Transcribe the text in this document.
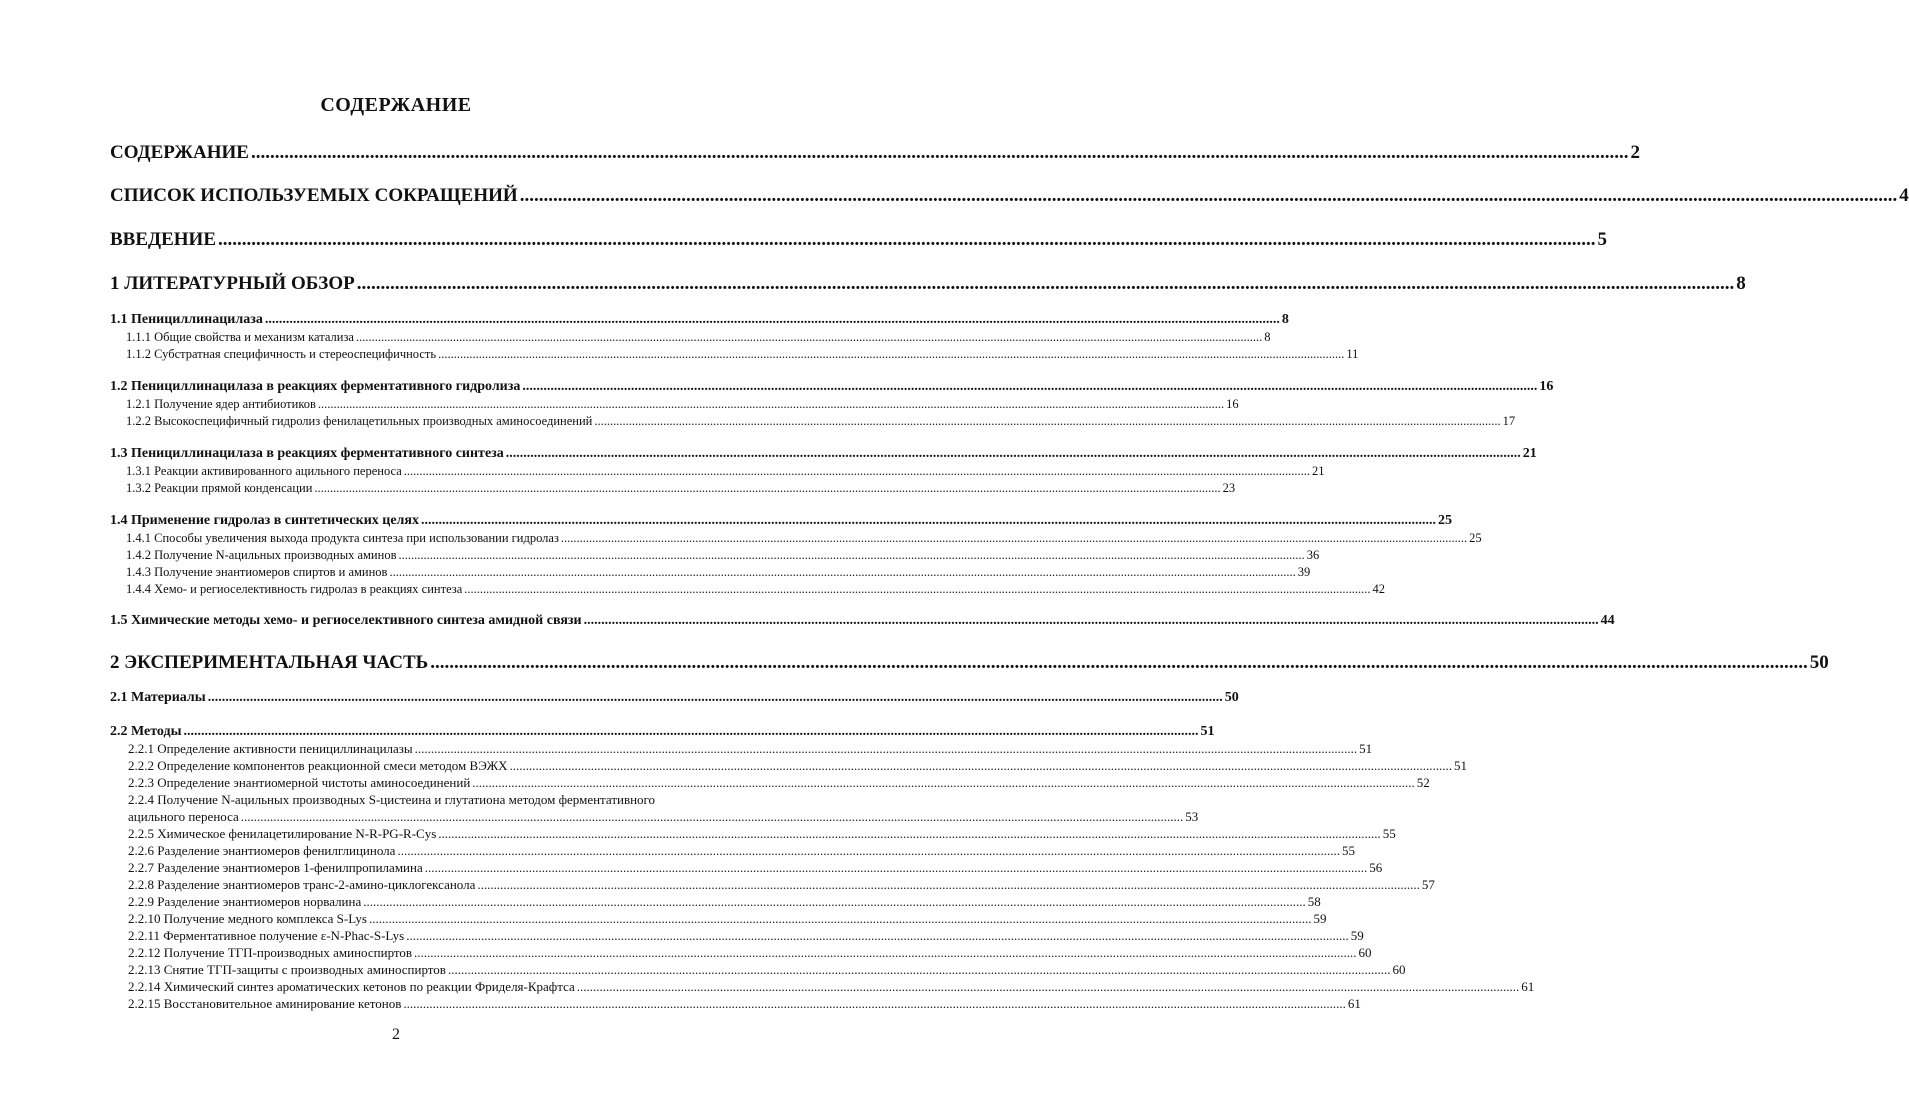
СОДЕРЖАНИЕ
СОДЕРЖАНИЕ .................................................................................................................................................................................................................................................................................................. 2
СПИСОК ИСПОЛЬЗУЕМЫХ СОКРАЩЕНИЙ .................................................................................................................................................................................................................................................................................................. 4
ВВЕДЕНИЕ .................................................................................................................................................................................................................................................................................................. 5
1 ЛИТЕРАТУРНЫЙ ОБЗОР .................................................................................................................................................................................................................................................................................................. 8
1.1 Пенициллинацилаза .................................................................................................................................................................................................................................................................................................. 8
1.1.1 Общие свойства и механизм катализа .................................................................................................................................................................................................................................................................................................. 8
1.1.2 Субстратная специфичность и стереоспецифичность .................................................................................................................................................................................................................................................................................................. 11
1.2 Пенициллинацилаза в реакциях ферментативного гидролиза .................................................................................................................................................................................................................................................................................................. 16
1.2.1 Получение ядер антибиотиков .................................................................................................................................................................................................................................................................................................. 16
1.2.2 Высокоспецифичный гидролиз фенилацетильных производных аминосоединений .................................................................................................................................................................................................................................................................................................. 17
1.3 Пенициллинацилаза в реакциях ферментативного синтеза .................................................................................................................................................................................................................................................................................................. 21
1.3.1 Реакции активированного ацильного переноса .................................................................................................................................................................................................................................................................................................. 21
1.3.2 Реакции прямой конденсации .................................................................................................................................................................................................................................................................................................. 23
1.4 Применение гидролаз в синтетических целях .................................................................................................................................................................................................................................................................................................. 25
1.4.1 Способы увеличения выхода продукта синтеза при использовании гидролаз .................................................................................................................................................................................................................................................................................................. 25
1.4.2 Получение N-ацильных производных аминов .................................................................................................................................................................................................................................................................................................. 36
1.4.3 Получение энантиомеров спиртов и аминов .................................................................................................................................................................................................................................................................................................. 39
1.4.4 Хемо- и региоселективность гидролаз в реакциях синтеза .................................................................................................................................................................................................................................................................................................. 42
1.5 Химические методы хемо- и региоселективного синтеза амидной связи .................................................................................................................................................................................................................................................................................................. 44
2 ЭКСПЕРИМЕНТАЛЬНАЯ ЧАСТЬ .................................................................................................................................................................................................................................................................................................. 50
2.1 Материалы .................................................................................................................................................................................................................................................................................................. 50
2.2 Методы .................................................................................................................................................................................................................................................................................................. 51
2.2.1 Определение активности пенициллинацилазы .................................................................................................................................................................................................................................................................................................. 51
2.2.2 Определение компонентов реакционной смеси методом ВЭЖХ .................................................................................................................................................................................................................................................................................................. 51
2.2.3 Определение энантиомерной чистоты аминосоединений .................................................................................................................................................................................................................................................................................................. 52
2.2.4 Получение N-ацильных производных S-цистеина и глутатиона методом ферментативного
ацильного переноса .................................................................................................................................................................................................................................................................................................. 53
2.2.5 Химическое фенилацетилирование N-R-PG-R-Cys .................................................................................................................................................................................................................................................................................................. 55
2.2.6 Разделение энантиомеров фенилглицинола .................................................................................................................................................................................................................................................................................................. 55
2.2.7 Разделение энантиомеров 1-фенилпропиламина .................................................................................................................................................................................................................................................................................................. 56
2.2.8 Разделение энантиомеров транс-2-амино-циклогексанола .................................................................................................................................................................................................................................................................................................. 57
2.2.9 Разделение энантиомеров норвалина .................................................................................................................................................................................................................................................................................................. 58
2.2.10 Получение медного комплекса S-Lys .................................................................................................................................................................................................................................................................................................. 59
2.2.11 Ферментативное получение ε-N-Phac-S-Lys .................................................................................................................................................................................................................................................................................................. 59
2.2.12 Получение ТГП-производных аминоспиртов .................................................................................................................................................................................................................................................................................................. 60
2.2.13 Снятие ТГП-защиты с производных аминоспиртов .................................................................................................................................................................................................................................................................................................. 60
2.2.14 Химический синтез ароматических кетонов по реакции Фриделя-Крафтса .................................................................................................................................................................................................................................................................................................. 61
2.2.15 Восстановительное аминирование кетонов .................................................................................................................................................................................................................................................................................................. 61
2
